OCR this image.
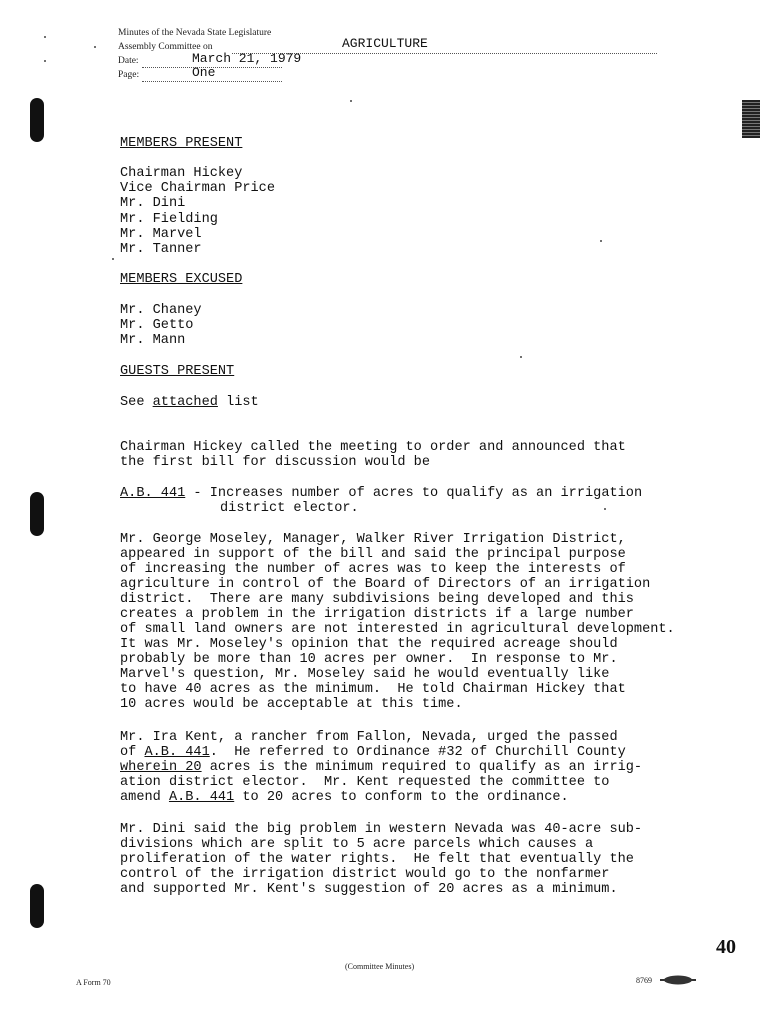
Minutes of the Nevada State Legislature
Assembly Committee on	AGRICULTURE
Date:	March 21, 1979
Page:	One
MEMBERS PRESENT
Chairman Hickey
Vice Chairman Price
Mr. Dini
Mr. Fielding
Mr. Marvel
Mr. Tanner
MEMBERS EXCUSED
Mr. Chaney
Mr. Getto
Mr. Mann
GUESTS PRESENT
See attached list
Chairman Hickey called the meeting to order and announced that
the first bill for discussion would be
A.B. 441 - Increases number of acres to qualify as an irrigation
district elector.
Mr. George Moseley, Manager, Walker River Irrigation District,
appeared in support of the bill and said the principal purpose
of increasing the number of acres was to keep the interests of
agriculture in control of the Board of Directors of an irrigation
district.  There are many subdivisions being developed and this
creates a problem in the irrigation districts if a large number
of small land owners are not interested in agricultural development.
It was Mr. Moseley's opinion that the required acreage should
probably be more than 10 acres per owner.  In response to Mr.
Marvel's question, Mr. Moseley said he would eventually like
to have 40 acres as the minimum.  He told Chairman Hickey that
10 acres would be acceptable at this time.
Mr. Ira Kent, a rancher from Fallon, Nevada, urged the passed
of A.B. 441.  He referred to Ordinance #32 of Churchill County
wherein 20 acres is the minimum required to qualify as an irrig-
ation district elector.  Mr. Kent requested the committee to
amend A.B. 441 to 20 acres to conform to the ordinance.
Mr. Dini said the big problem in western Nevada was 40-acre sub-
divisions which are split to 5 acre parcels which causes a
proliferation of the water rights.  He felt that eventually the
control of the irrigation district would go to the nonfarmer
and supported Mr. Kent's suggestion of 20 acres as a minimum.
40
A Form 70
(Committee Minutes)
8769
